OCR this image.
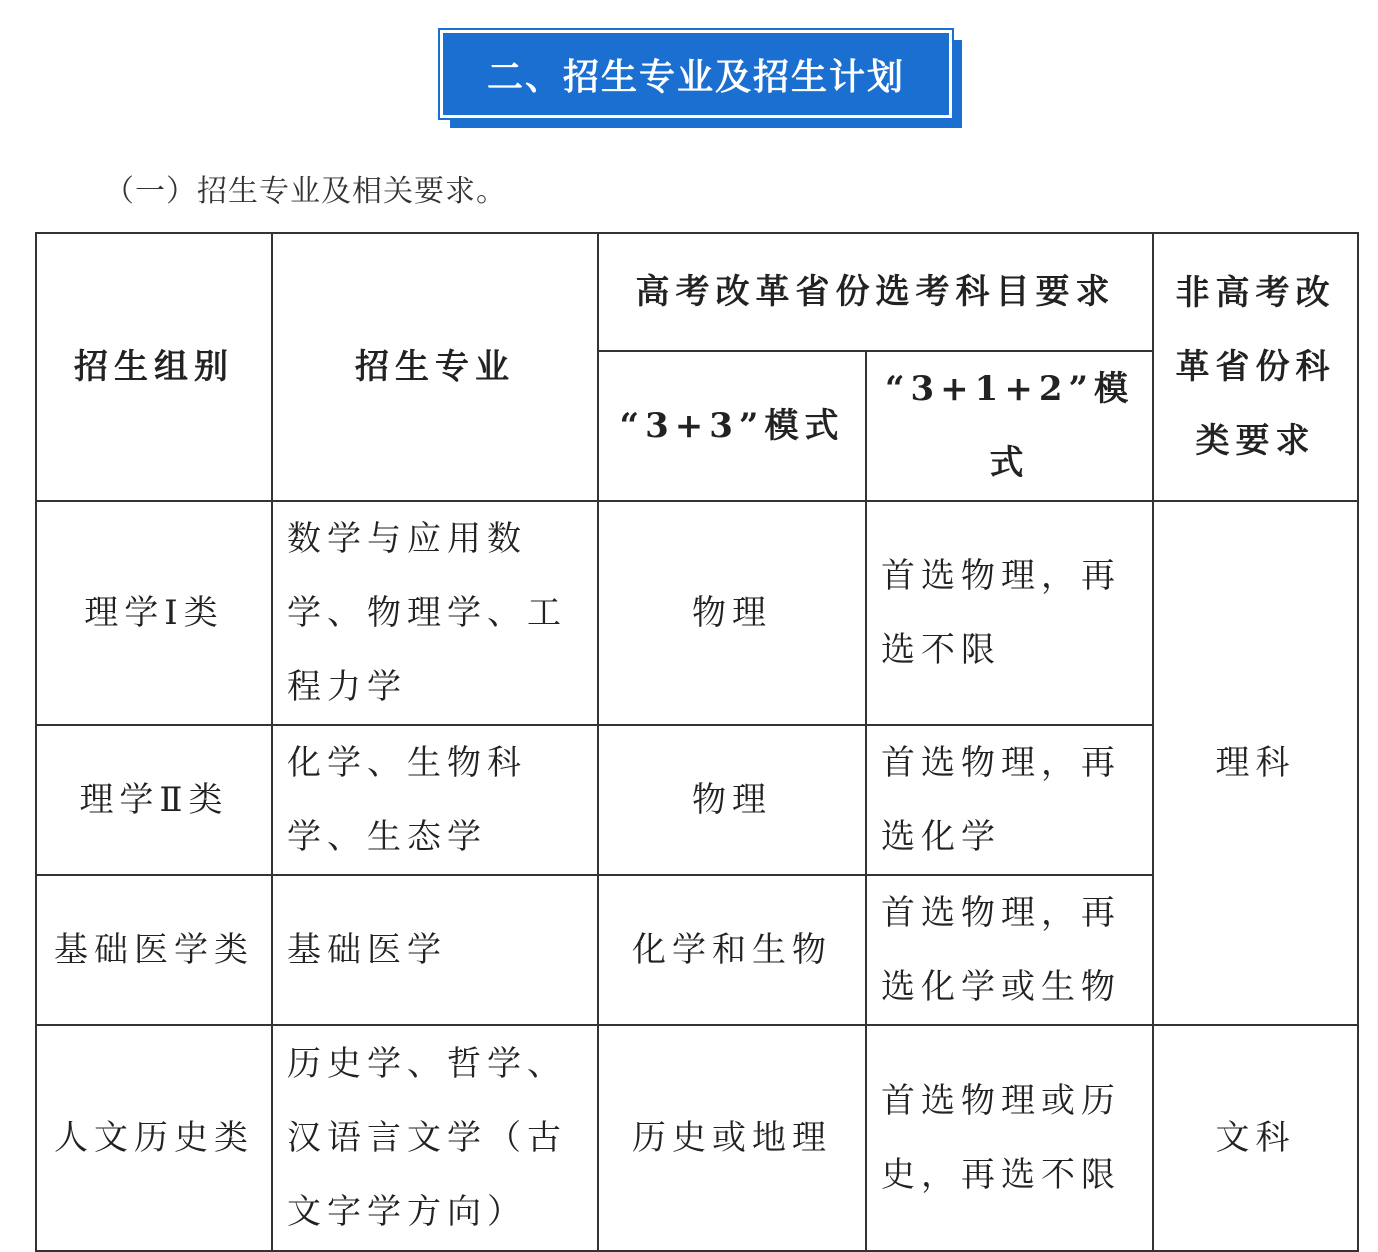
二、招生专业及招生计划
（一）招生专业及相关要求。
招生组别	招生专业	高考改革省份选考科目要求		非高考改革省份科类要求
		“3+3”模式	“3+1+2”模式	
理学Ⅰ类	数学与应用数学、物理学、工程力学	物理	首选物理，再选不限	理科
理学Ⅱ类	化学、生物科学、生态学	物理	首选物理，再选化学	
基础医学类	基础医学	化学和生物	首选物理，再选化学或生物	
人文历史类	历史学、哲学、汉语言文学（古文字学方向）	历史或地理	首选物理或历史，再选不限	文科
